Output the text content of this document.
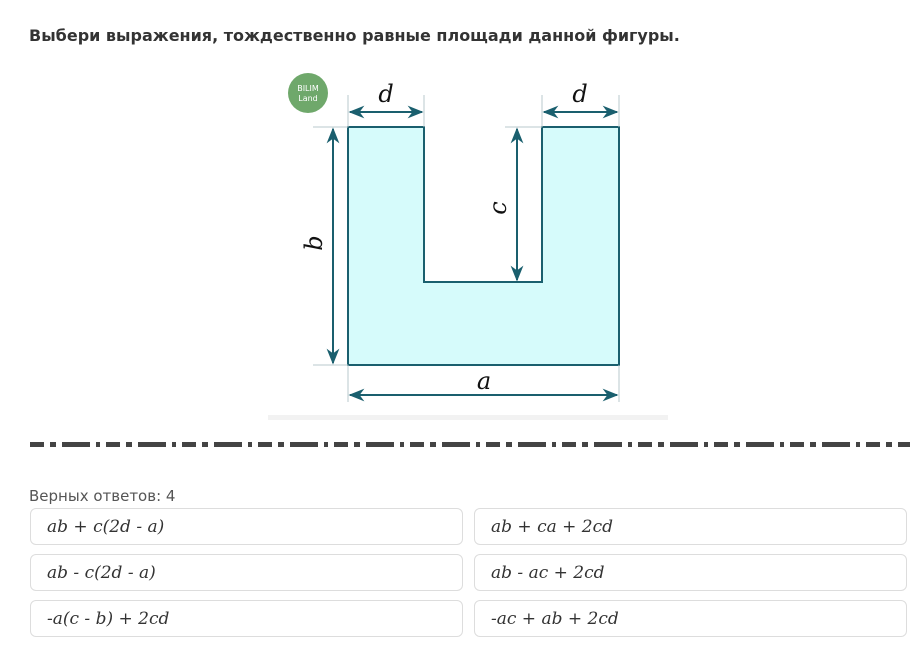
Выбери выражения, тождественно равные площади данной фигуры.
BILIM
Land	d	d
a
b
c
Верных ответов: 4
ab + c(2d - a)	ab + ca + 2cd
ab - c(2d - a)	ab - ac + 2cd
-a(c - b) + 2cd	-ac + ab + 2cd
